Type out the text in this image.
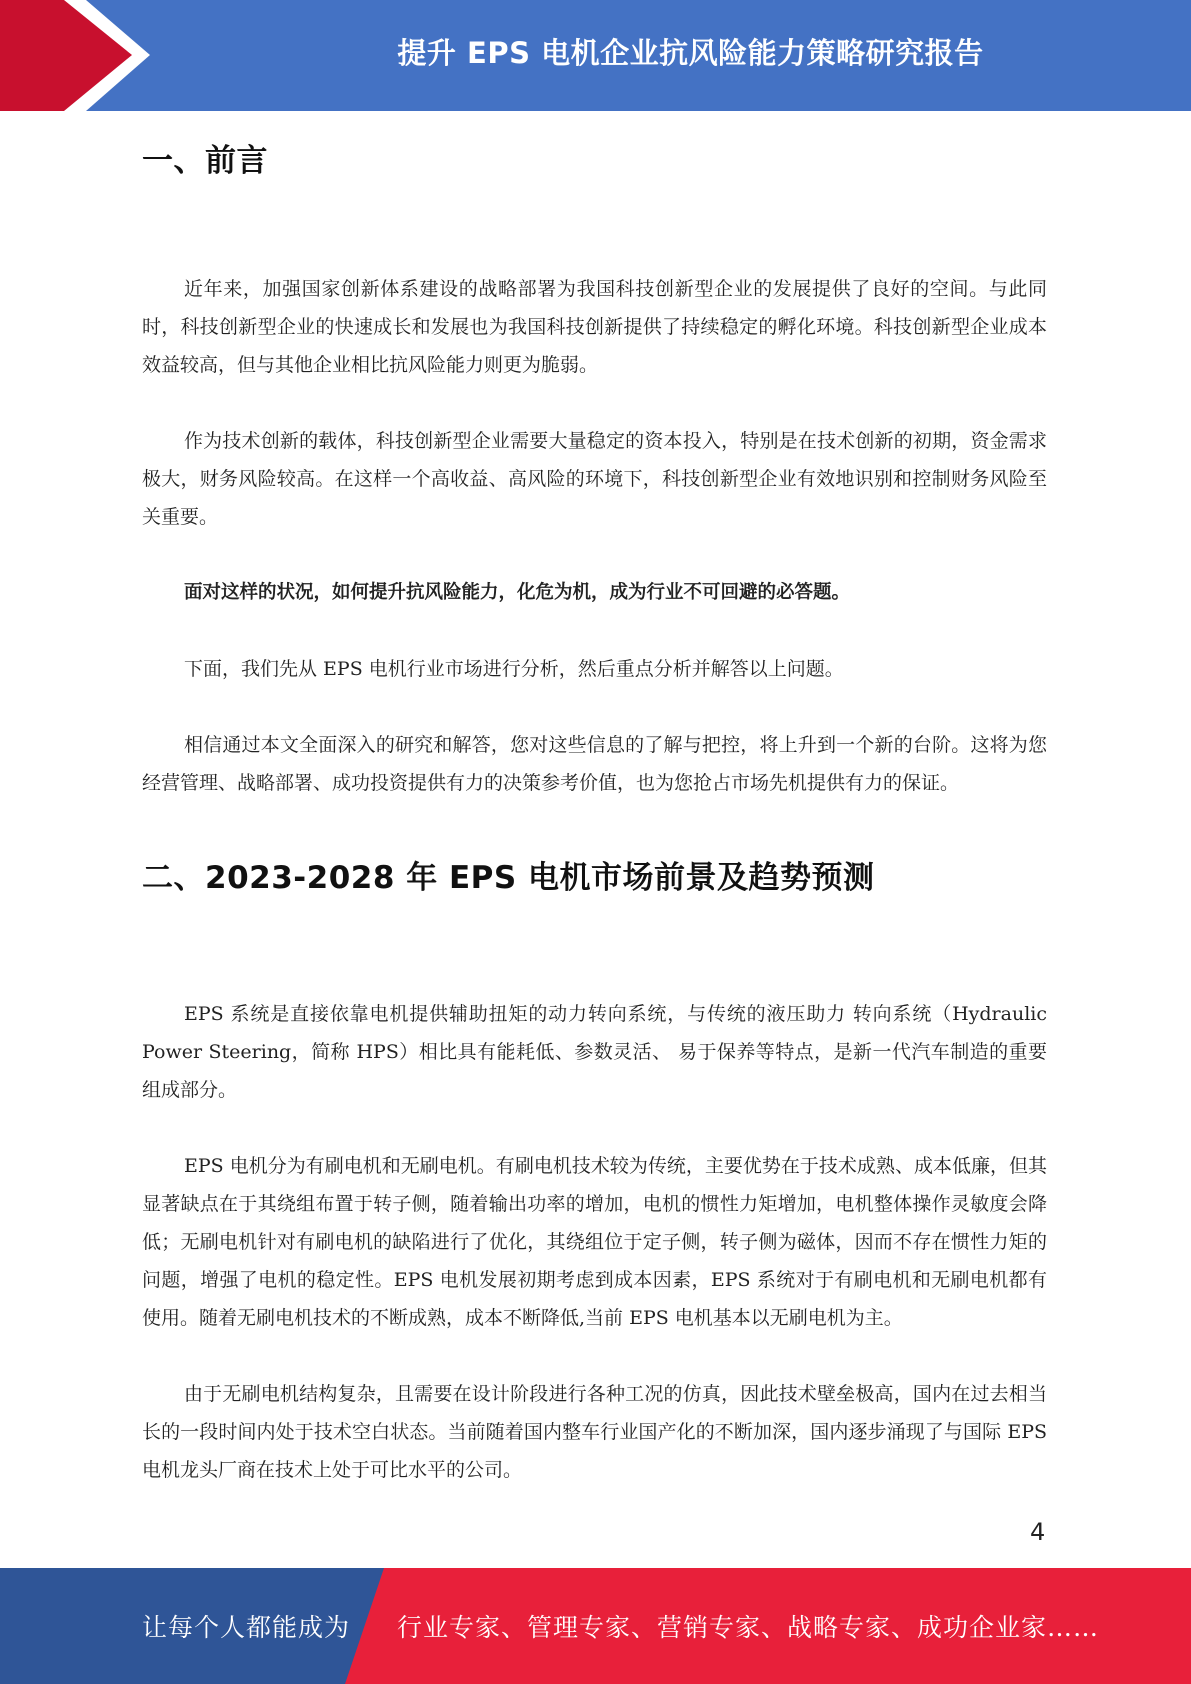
提升 EPS 电机企业抗风险能力策略研究报告
一、前言

近年来，加强国家创新体系建设的战略部署为我国科技创新型企业的发展提供了良好的空间。与此同时，科技创新型企业的快速成长和发展也为我国科技创新提供了持续稳定的孵化环境。科技创新型企业成本效益较高，但与其他企业相比抗风险能力则更为脆弱。

作为技术创新的载体，科技创新型企业需要大量稳定的资本投入，特别是在技术创新的初期，资金需求极大，财务风险较高。在这样一个高收益、高风险的环境下，科技创新型企业有效地识别和控制财务风险至关重要。

面对这样的状况，如何提升抗风险能力，化危为机，成为行业不可回避的必答题。

下面，我们先从 EPS 电机行业市场进行分析，然后重点分析并解答以上问题。

相信通过本文全面深入的研究和解答，您对这些信息的了解与把控，将上升到一个新的台阶。这将为您经营管理、战略部署、成功投资提供有力的决策参考价值，也为您抢占市场先机提供有力的保证。

二、2023-2028 年 EPS 电机市场前景及趋势预测

EPS 系统是直接依靠电机提供辅助扭矩的动力转向系统，与传统的液压助力 转向系统（Hydraulic Power Steering，简称 HPS）相比具有能耗低、参数灵活、 易于保养等特点，是新一代汽车制造的重要组成部分。

EPS 电机分为有刷电机和无刷电机。有刷电机技术较为传统，主要优势在于技术成熟、成本低廉，但其显著缺点在于其绕组布置于转子侧，随着输出功率的增加，电机的惯性力矩增加，电机整体操作灵敏度会降低；无刷电机针对有刷电机的缺陷进行了优化，其绕组位于定子侧，转子侧为磁体，因而不存在惯性力矩的问题，增强了电机的稳定性。EPS 电机发展初期考虑到成本因素，EPS 系统对于有刷电机和无刷电机都有使用。随着无刷电机技术的不断成熟，成本不断降低,当前 EPS 电机基本以无刷电机为主。

由于无刷电机结构复杂，且需要在设计阶段进行各种工况的仿真，因此技术壁垒极高，国内在过去相当长的一段时间内处于技术空白状态。当前随着国内整车行业国产化的不断加深，国内逐步涌现了与国际 EPS 电机龙头厂商在技术上处于可比水平的公司。

4
让每个人都能成为 行业专家、管理专家、营销专家、战略专家、成功企业家……
